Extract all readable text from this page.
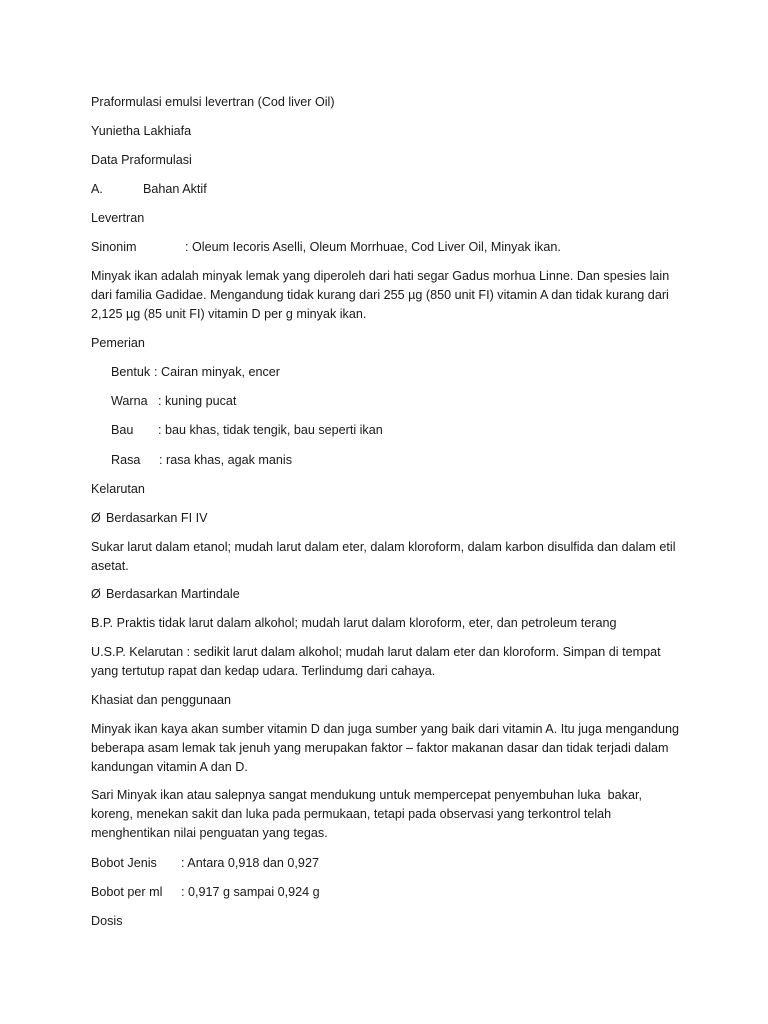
Praformulasi emulsi levertran (Cod liver Oil)

Yunietha Lakhiafa

Data Praformulasi

A.	Bahan Aktif

Levertran

Sinonim	: Oleum Iecoris Aselli, Oleum Morrhuae, Cod Liver Oil, Minyak ikan.

Minyak ikan adalah minyak lemak yang diperoleh dari hati segar Gadus morhua Linne. Dan spesies lain dari familia Gadidae. Mengandung tidak kurang dari 255 µg (850 unit FI) vitamin A dan tidak kurang dari 2,125 µg (85 unit FI) vitamin D per g minyak ikan.

Pemerian

Bentuk : Cairan minyak, encer
Warna : kuning pucat
Bau : bau khas, tidak tengik, bau seperti ikan
Rasa : rasa khas, agak manis

Kelarutan

Ø Berdasarkan FI IV

Sukar larut dalam etanol; mudah larut dalam eter, dalam kloroform, dalam karbon disulfida dan dalam etil asetat.

Ø Berdasarkan Martindale

B.P. Praktis tidak larut dalam alkohol; mudah larut dalam kloroform, eter, dan petroleum terang

U.S.P. Kelarutan : sedikit larut dalam alkohol; mudah larut dalam eter dan kloroform. Simpan di tempat yang tertutup rapat dan kedap udara. Terlindumg dari cahaya.

Khasiat dan penggunaan

Minyak ikan kaya akan sumber vitamin D dan juga sumber yang baik dari vitamin A. Itu juga mengandung beberapa asam lemak tak jenuh yang merupakan faktor – faktor makanan dasar dan tidak terjadi dalam kandungan vitamin A dan D.

Sari Minyak ikan atau salepnya sangat mendukung untuk mempercepat penyembuhan luka  bakar, koreng, menekan sakit dan luka pada permukaan, tetapi pada observasi yang terkontrol telah menghentikan nilai penguatan yang tegas.

Bobot Jenis : Antara 0,918 dan 0,927
Bobot per ml : 0,917 g sampai 0,924 g

Dosis
